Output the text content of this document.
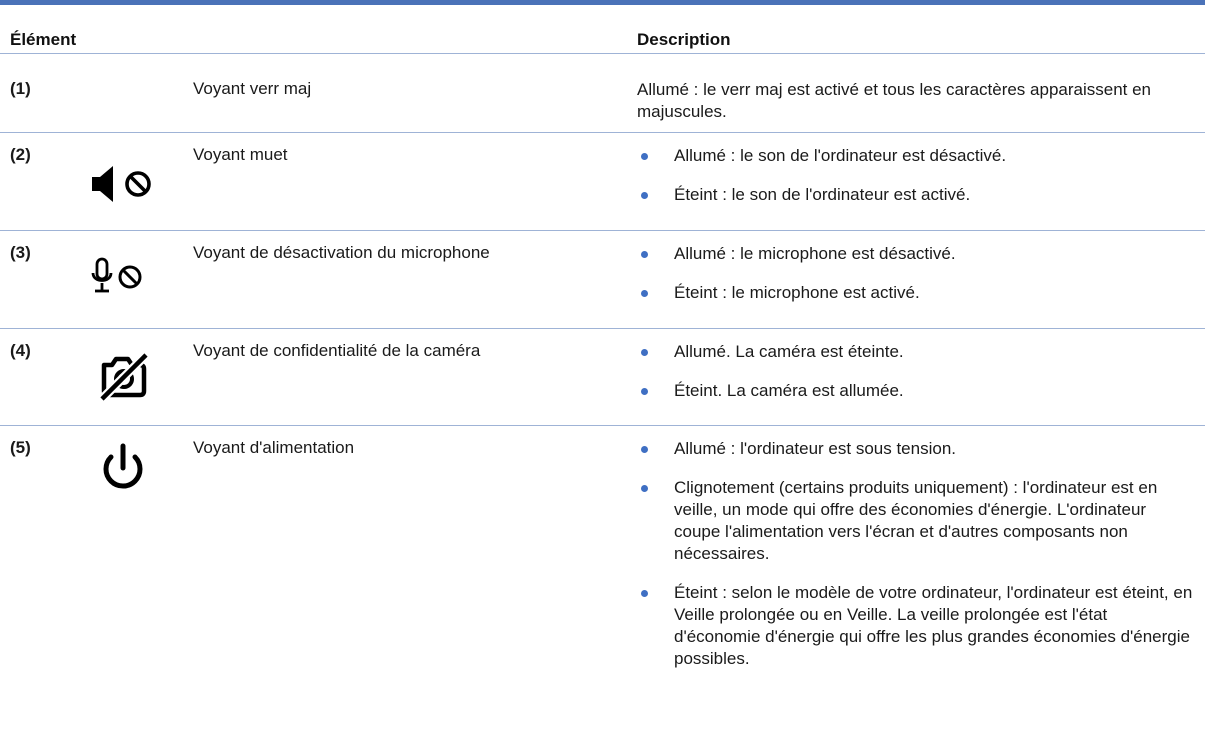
Élément	Description
(1)	Voyant verr maj	Allumé : le verr maj est activé et tous les caractères apparaissent en majuscules.
(2)	Voyant muet	Allumé : le son de l'ordinateur est désactivé.
Éteint : le son de l'ordinateur est activé.
(3)	Voyant de désactivation du microphone	Allumé : le microphone est désactivé.
Éteint : le microphone est activé.
(4)	Voyant de confidentialité de la caméra	Allumé. La caméra est éteinte.
Éteint. La caméra est allumée.
(5)	Voyant d'alimentation	Allumé : l'ordinateur est sous tension.
Clignotement (certains produits uniquement) : l'ordinateur est en veille, un mode qui offre des économies d'énergie. L'ordinateur coupe l'alimentation vers l'écran et d'autres composants non nécessaires.
Éteint : selon le modèle de votre ordinateur, l'ordinateur est éteint, en Veille prolongée ou en Veille. La veille prolongée est l'état d'économie d'énergie qui offre les plus grandes économies d'énergie possibles.
